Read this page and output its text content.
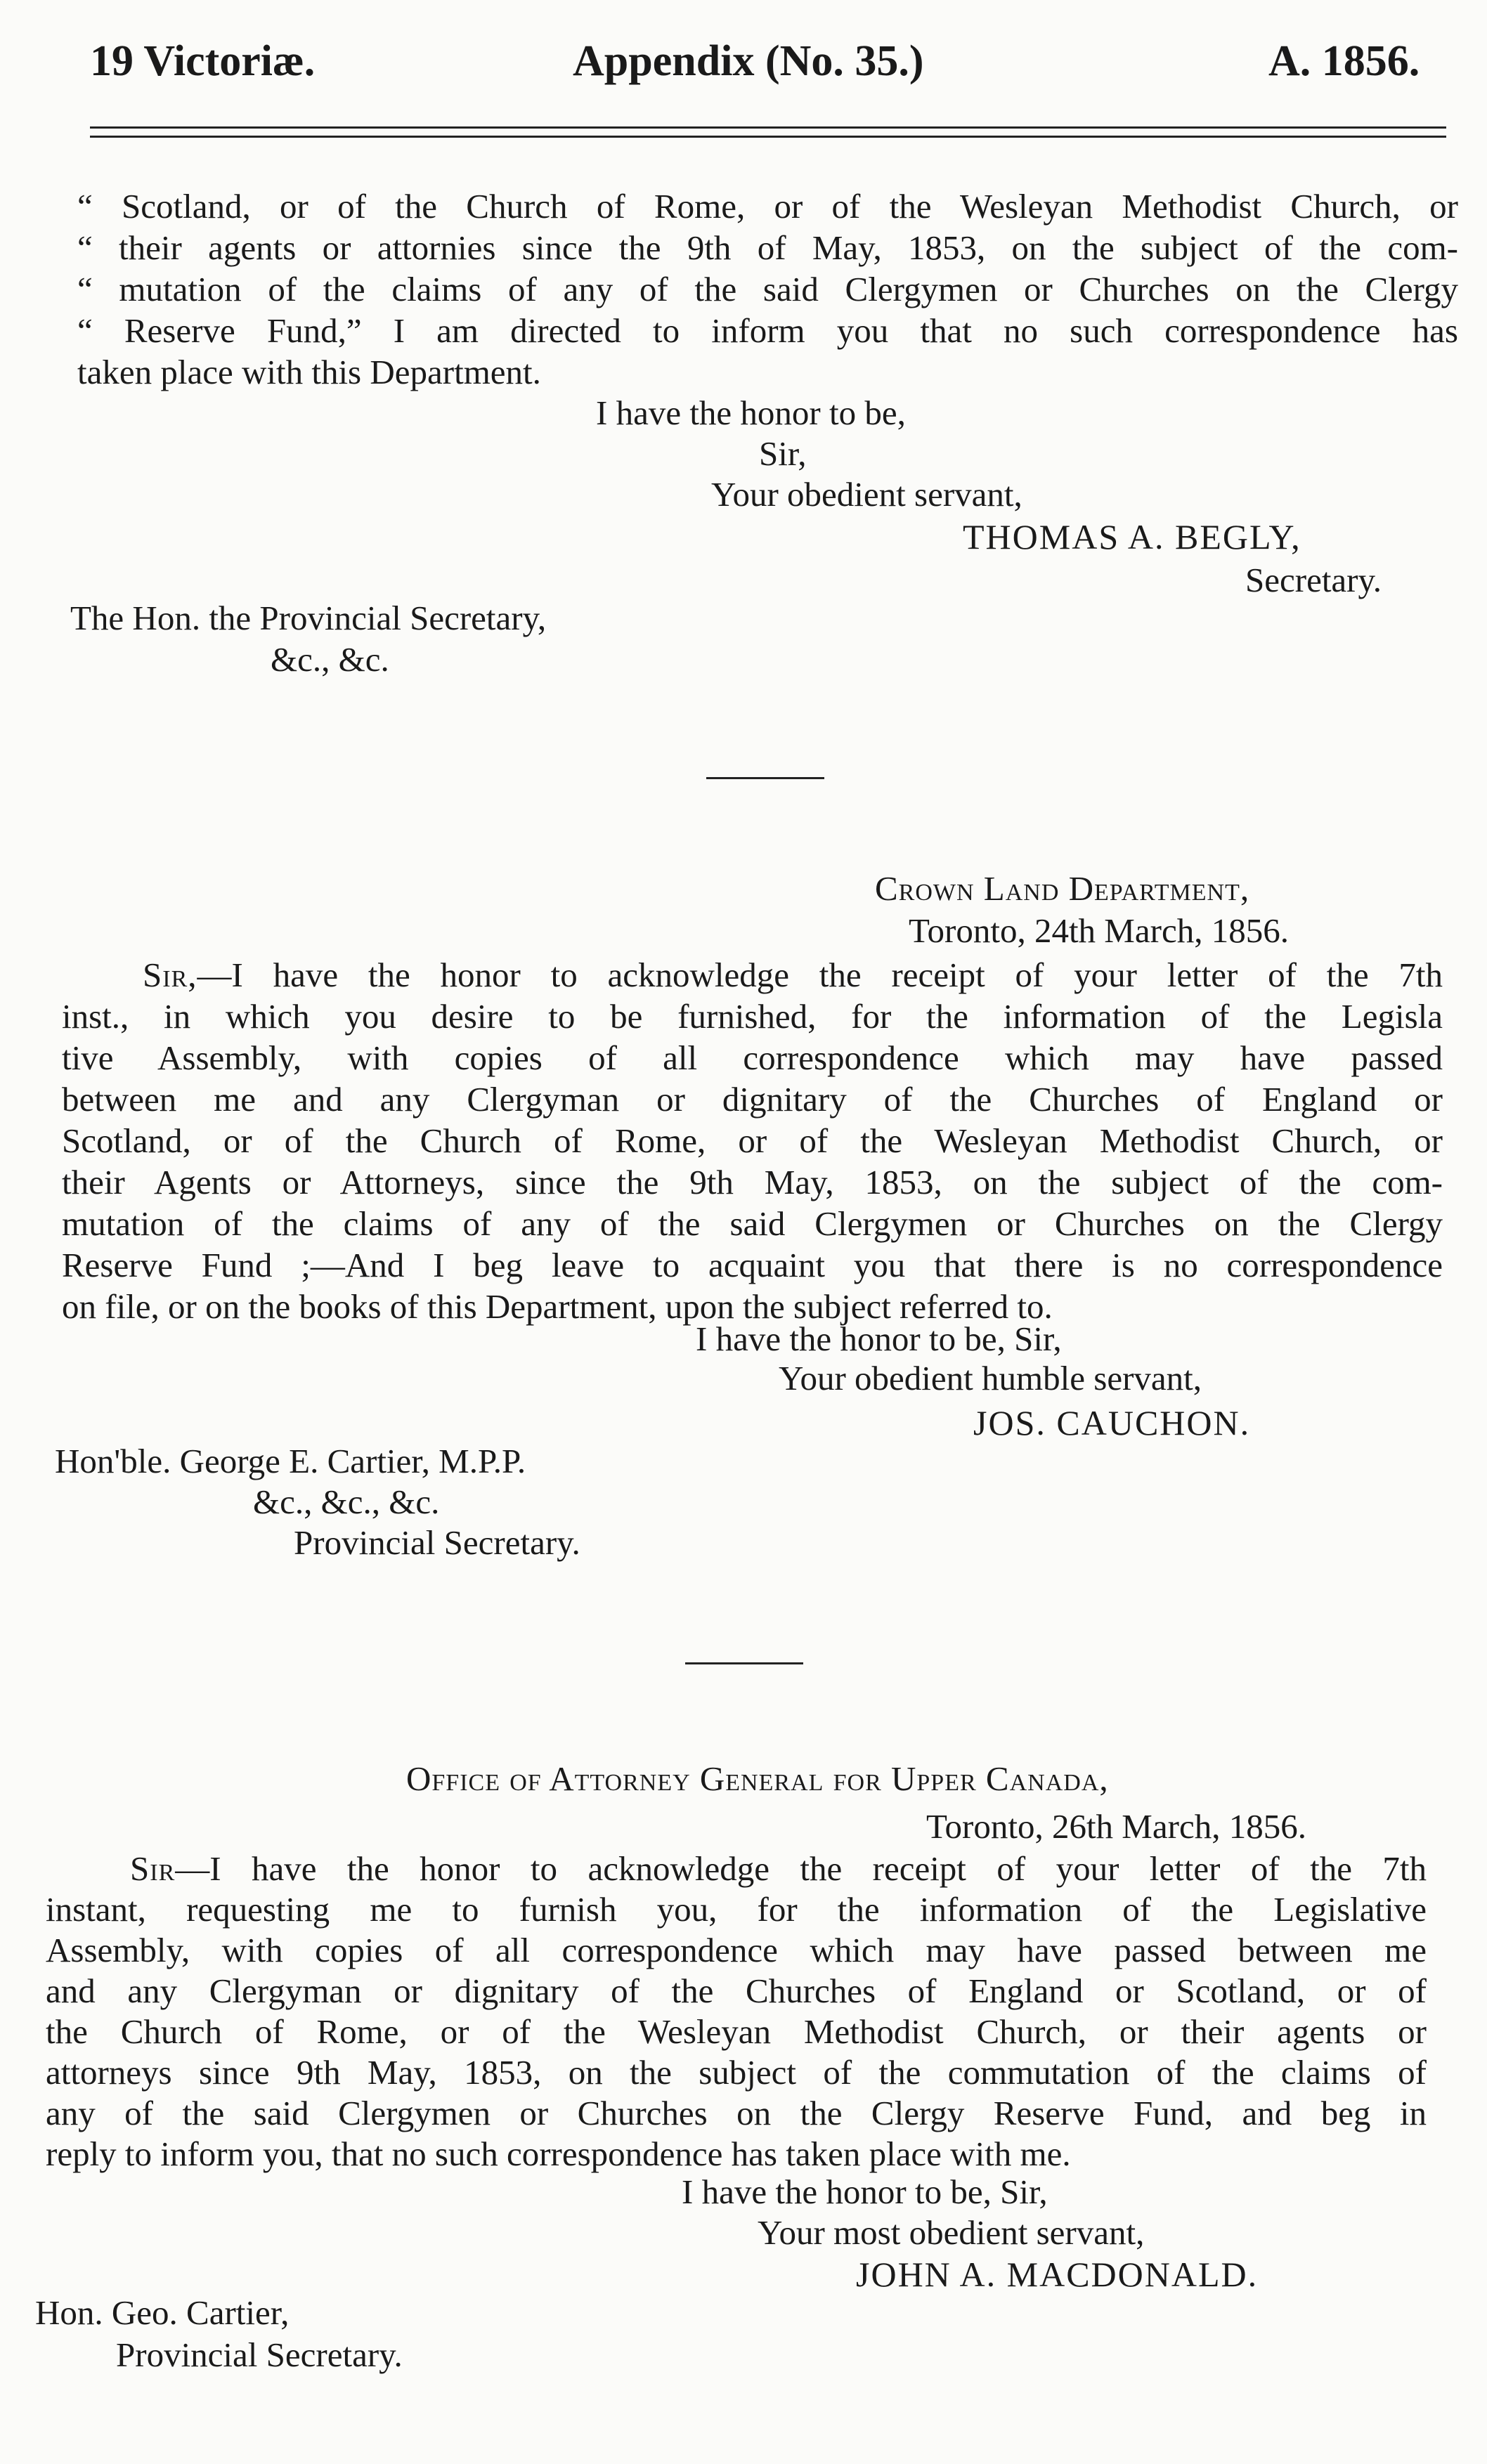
19 Victoriæ.	Appendix (No. 35.)	A. 1856.
“ Scotland, or of the Church of Rome, or of the Wesleyan Methodist Church, or
“ their agents or attornies since the 9th of May, 1853, on the subject of the com-
“ mutation of the claims of any of the said Clergymen or Churches on the Clergy
“ Reserve Fund,” I am directed to inform you that no such correspondence has
taken place with this Department.
I have the honor to be,
Sir,
Your obedient servant,
THOMAS A. BEGLY,
Secretary.
The Hon. the Provincial Secretary,
&c., &c.
Crown Land Department,
Toronto, 24th March, 1856.
Sir,—I have the honor to acknowledge the receipt of your letter of the 7th
inst., in which you desire to be furnished, for the information of the Legisla
tive Assembly, with copies of all correspondence which may have passed
between me and any Clergyman or dignitary of the Churches of England or
Scotland, or of the Church of Rome, or of the Wesleyan Methodist Church, or
their Agents or Attorneys, since the 9th May, 1853, on the subject of the com-
mutation of the claims of any of the said Clergymen or Churches on the Clergy
Reserve Fund ;—And I beg leave to acquaint you that there is no correspondence
on file, or on the books of this Department, upon the subject referred to.
I have the honor to be, Sir,
Your obedient humble servant,
JOS. CAUCHON.
Hon'ble. George E. Cartier, M.P.P.
&c., &c., &c.
Provincial Secretary.
Office of Attorney General for Upper Canada,
Toronto, 26th March, 1856.
Sir—I have the honor to acknowledge the receipt of your letter of the 7th
instant, requesting me to furnish you, for the information of the Legislative
Assembly, with copies of all correspondence which may have passed between me
and any Clergyman or dignitary of the Churches of England or Scotland, or of
the Church of Rome, or of the Wesleyan Methodist Church, or their agents or
attorneys since 9th May, 1853, on the subject of the commutation of the claims of
any of the said Clergymen or Churches on the Clergy Reserve Fund, and beg in
reply to inform you, that no such correspondence has taken place with me.
I have the honor to be, Sir,
Your most obedient servant,
JOHN A. MACDONALD.
Hon. Geo. Cartier,
Provincial Secretary.
